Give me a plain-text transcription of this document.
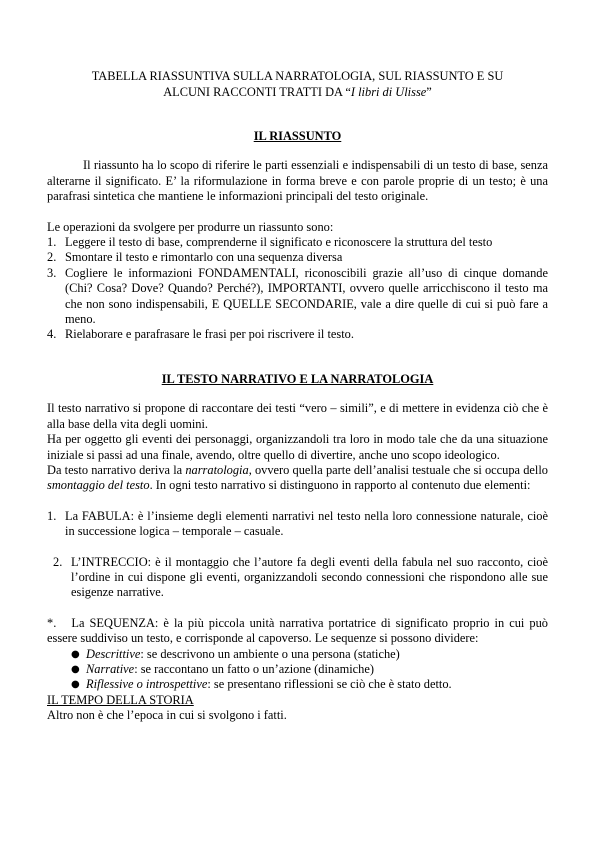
TABELLA RIASSUNTIVA SULLA NARRATOLOGIA, SUL RIASSUNTO E SU
ALCUNI RACCONTI TRATTI DA “I libri di Ulisse”

IL RIASSUNTO

Il riassunto ha lo scopo di riferire le parti essenziali e indispensabili di un testo di base, senza alterarne il significato. E’ la riformulazione in forma breve e con parole proprie di un testo; è una parafrasi sintetica che mantiene le informazioni principali del testo originale.

Le operazioni da svolgere per produrre un riassunto sono:

1. Leggere il testo di base, comprenderne il significato e riconoscere la struttura del testo
2. Smontare il testo e rimontarlo con una sequenza diversa
3. Cogliere le informazioni FONDAMENTALI, riconoscibili grazie all’uso di cinque domande (Chi? Cosa? Dove? Quando? Perché?), IMPORTANTI, ovvero quelle arricchiscono il testo ma che non sono indispensabili, E QUELLE SECONDARIE, vale a dire quelle di cui si può fare a meno.
4. Rielaborare e parafrasare le frasi per poi riscrivere il testo.

IL TESTO NARRATIVO E LA NARRATOLOGIA

Il testo narrativo si propone di raccontare dei testi “vero – simili”, e di mettere in evidenza ciò che è alla base della vita degli uomini.

Ha per oggetto gli eventi dei personaggi, organizzandoli tra loro in modo tale che da una situazione iniziale si passi ad una finale, avendo, oltre quello di divertire, anche uno scopo ideologico.

Da testo narrativo deriva la narratologia, ovvero quella parte dell’analisi testuale che si occupa dello smontaggio del testo. In ogni testo narrativo si distinguono in rapporto al contenuto due elementi:

1. La FABULA: è l’insieme degli elementi narrativi nel testo nella loro connessione naturale, cioè in successione logica – temporale – casuale.
2. L’INTRECCIO: è il montaggio che l’autore fa degli eventi della fabula nel suo racconto, cioè l’ordine in cui dispone gli eventi, organizzandoli secondo connessioni che rispondono alle sue esigenze narrative.

*. La SEQUENZA: è la più piccola unità narrativa portatrice di significato proprio in cui può essere suddiviso un testo, e corrisponde al capoverso. Le sequenze si possono dividere:

● Descrittive: se descrivono un ambiente o una persona (statiche)
● Narrative: se raccontano un fatto o un’azione (dinamiche)
● Riflessive o introspettive: se presentano riflessioni se ciò che è stato detto.

IL TEMPO DELLA STORIA

Altro non è che l’epoca in cui si svolgono i fatti.
